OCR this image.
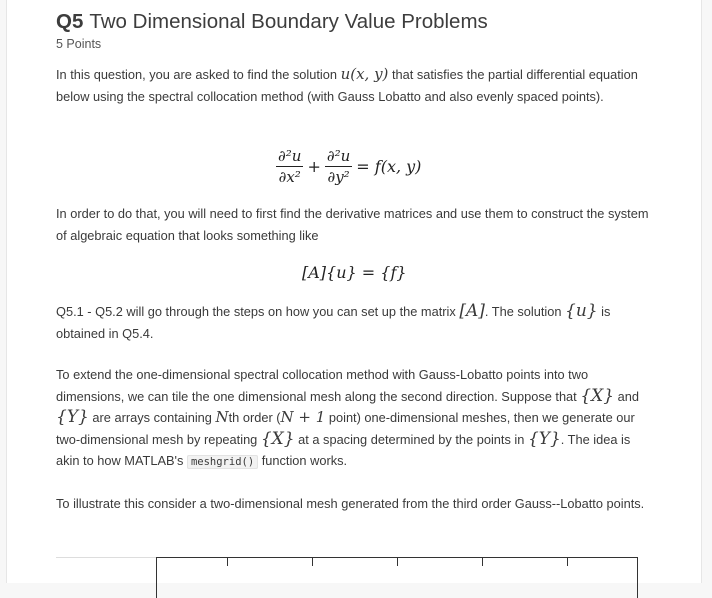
Q5 Two Dimensional Boundary Value Problems
5 Points
In this question, you are asked to find the solution u(x, y) that satisfies the partial differential equation below using the spectral collocation method (with Gauss Lobatto and also evenly spaced points).
$\frac{\text{∂²u}}{\text{∂x²}} + \frac{\text{∂²u}}{\text{∂y²}} = f(x$, y)
In order to do that, you will need to first find the derivative matrices and use them to construct the system of algebraic equation that looks something like
[A]{u} = {f}
Q5.1 - Q5.2 will go through the steps on how you can set up the matrix [A]. The solution {u} is obtained in Q5.4.
To extend the one-dimensional spectral collocation method with Gauss-Lobatto points into two dimensions, we can tile the one dimensional mesh along the second direction. Suppose that {X} and {Y} are arrays containing Nth order (N + 1 point) one-dimensional meshes, then we generate our two-dimensional mesh by repeating {X} at a spacing determined by the points in {Y}. The idea is akin to how MATLAB's meshgrid() function works.
To illustrate this consider a two-dimensional mesh generated from the third order Gauss--Lobatto points.
